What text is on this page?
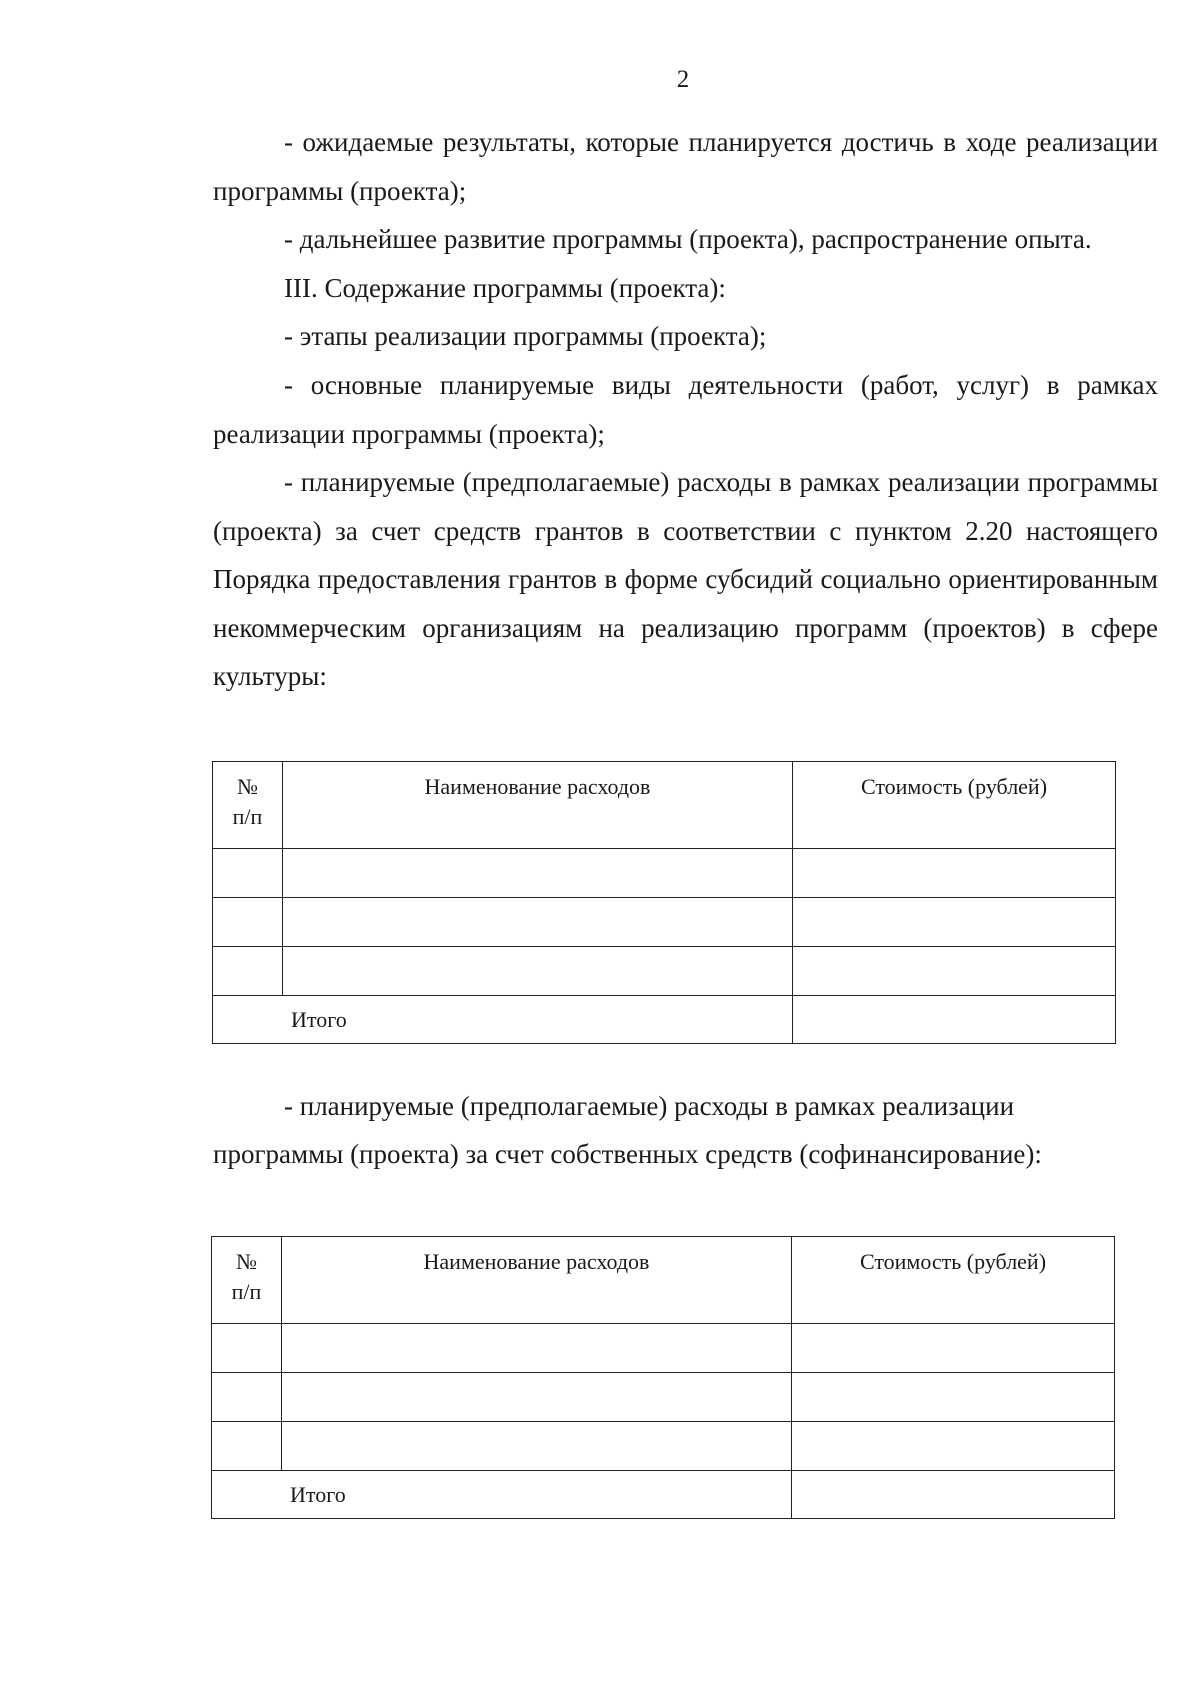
2

- ожидаемые результаты, которые планируется достичь в ходе реализации программы (проекта);

- дальнейшее развитие программы (проекта), распространение опыта.

III. Содержание программы (проекта):

- этапы реализации программы (проекта);

- основные планируемые виды деятельности (работ, услуг) в рамках реализации программы (проекта);

- планируемые (предполагаемые) расходы в рамках реализации программы (проекта) за счет средств грантов в соответствии с пунктом 2.20 настоящего Порядка предоставления грантов в форме субсидий социально ориентированным некоммерческим организациям на реализацию программ (проектов) в сфере культуры:

№
п/п	Наименование расходов	Стоимость (рублей)

Итого		

- планируемые (предполагаемые) расходы в рамках реализации

программы (проекта) за счет собственных средств (софинансирование):

№
п/п	Наименование расходов	Стоимость (рублей)

Итого		
